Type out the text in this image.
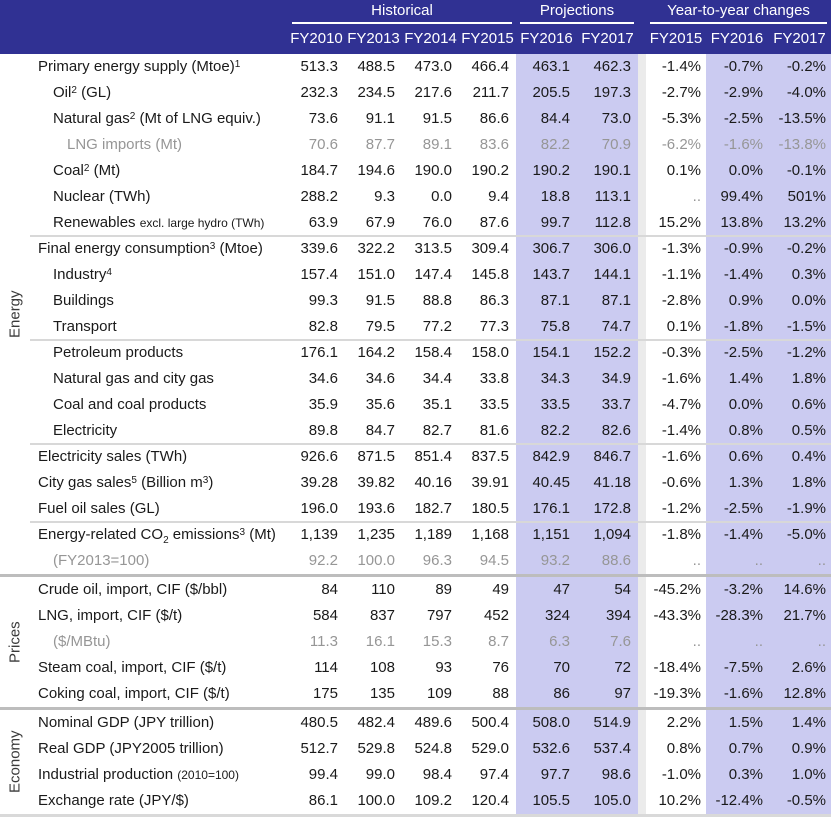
Historical	Projections	Year-to-year changes
FY2010 FY2013 FY2014 FY2015 FY2016 FY2017 FY2015 FY2016 FY2017
Energy
Primary energy supply (Mtoe)$^1$	513.3	488.5	473.0	466.4	463.1	462.3	-1.4%	-0.7%	-0.2%
Oil$^2$ (GL)	232.3	234.5	217.6	211.7	205.5	197.3	-2.7%	-2.9%	-4.0%
Natural gas$^2$ (Mt of LNG equiv.)	73.6	91.1	91.5	86.6	84.4	73.0	-5.3%	-2.5%	-13.5%
LNG imports (Mt)	70.6	87.7	89.1	83.6	82.2	70.9	-6.2%	-1.6%	-13.8%
Coal$^2$ (Mt)	184.7	194.6	190.0	190.2	190.2	190.1	0.1%	0.0%	-0.1%
Nuclear (TWh)	288.2	9.3	0.0	9.4	18.8	113.1	..	99.4%	501%
Renewables excl. large hydro (TWh)	63.9	67.9	76.0	87.6	99.7	112.8	15.2%	13.8%	13.2%
Final energy consumption$^3$ (Mtoe)	339.6	322.2	313.5	309.4	306.7	306.0	-1.3%	-0.9%	-0.2%
Industry$^4$	157.4	151.0	147.4	145.8	143.7	144.1	-1.1%	-1.4%	0.3%
Buildings	99.3	91.5	88.8	86.3	87.1	87.1	-2.8%	0.9%	0.0%
Transport	82.8	79.5	77.2	77.3	75.8	74.7	0.1%	-1.8%	-1.5%
Petroleum products	176.1	164.2	158.4	158.0	154.1	152.2	-0.3%	-2.5%	-1.2%
Natural gas and city gas	34.6	34.6	34.4	33.8	34.3	34.9	-1.6%	1.4%	1.8%
Coal and coal products	35.9	35.6	35.1	33.5	33.5	33.7	-4.7%	0.0%	0.6%
Electricity	89.8	84.7	82.7	81.6	82.2	82.6	-1.4%	0.8%	0.5%
Electricity sales (TWh)	926.6	871.5	851.4	837.5	842.9	846.7	-1.6%	0.6%	0.4%
City gas sales$^5$ (Billion $m^3$)	39.28	39.82	40.16	39.91	40.45	41.18	-0.6%	1.3%	1.8%
Fuel oil sales (GL)	196.0	193.6	182.7	180.5	176.1	172.8	-1.2%	-2.5%	-1.9%
Energy-related $CO_2$ emissions$^3$ (Mt)	1,139	1,235	1,189	1,168	1,151	1,094	-1.8%	-1.4%	-5.0%
(FY2013=100)	92.2	100.0	96.3	94.5	93.2	88.6	..	..	..
Prices
Crude oil, import, CIF ($/bbl)	84	110	89	49	47	54	-45.2%	-3.2%	14.6%
LNG, import, CIF ($/t)	584	837	797	452	324	394	-43.3% -28.3%	21.7%
($/MBtu)	11.3	16.1	15.3	8.7	6.3	7.6	..	..	..
Steam coal, import, CIF ($/t)	114	108	93	76	70	72	-18.4%	-7.5%	2.6%
Coking coal, import, CIF ($/t)	175	135	109	88	86	97	-19.3%	-1.6%	12.8%
Economy
Nominal GDP (JPY trillion)	480.5	482.4	489.6	500.4	508.0	514.9	2.2%	1.5%	1.4%
Real GDP (JPY2005 trillion)	512.7	529.8	524.8	529.0	532.6	537.4	0.8%	0.7%	0.9%
Industrial production (2010=100)	99.4	99.0	98.4	97.4	97.7	98.6	-1.0%	0.3%	1.0%
Exchange rate (JPY/$)	86.1	100.0	109.2	120.4	105.5	105.0	10.2% -12.4%	-0.5%
